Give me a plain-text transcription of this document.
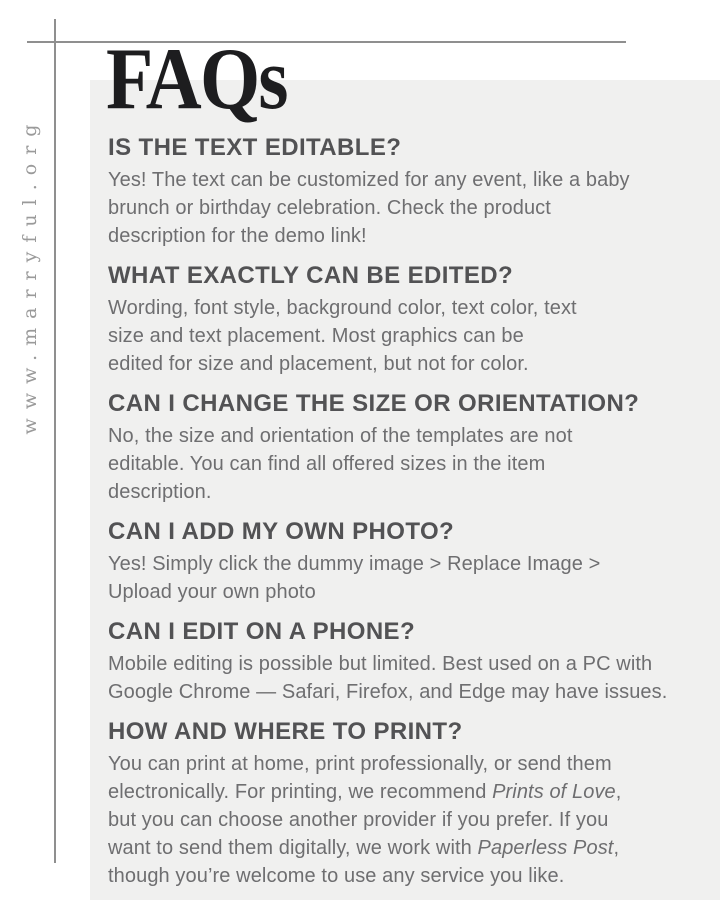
www.marryful.org
FAQs
IS THE TEXT EDITABLE?
Yes! The text can be customized for any event, like a baby
brunch or birthday celebration. Check the product
description for the demo link!
WHAT EXACTLY CAN BE EDITED?
Wording, font style, background color, text color, text
size and text placement. Most graphics can be
edited for size and placement, but not for color.
CAN I CHANGE THE SIZE OR ORIENTATION?
No, the size and orientation of the templates are not
editable. You can find all offered sizes in the item
description.
CAN I ADD MY OWN PHOTO?
Yes! Simply click the dummy image > Replace Image >
Upload your own photo
CAN I EDIT ON A PHONE?
Mobile editing is possible but limited. Best used on a PC with
Google Chrome — Safari, Firefox, and Edge may have issues.
HOW AND WHERE TO PRINT?
You can print at home, print professionally, or send them
electronically. For printing, we recommend Prints of Love,
but you can choose another provider if you prefer. If you
want to send them digitally, we work with Paperless Post,
though you’re welcome to use any service you like.
